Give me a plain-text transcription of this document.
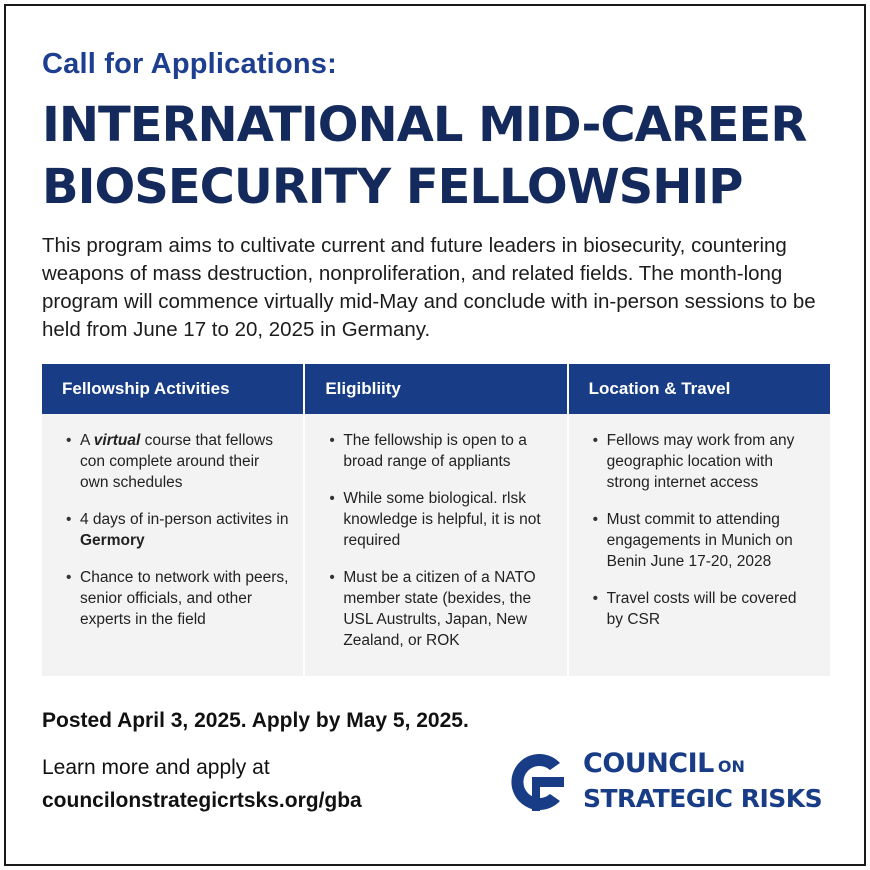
Call for Applications:
INTERNATIONAL MID-CAREER BIOSECURITY FELLOWSHIP
This program aims to cultivate current and future leaders in biosecurity, countering weapons of mass destruction, nonproliferation, and related fields. The month-long program will commence virtually mid-May and conclude with in-person sessions to be held from June 17 to 20, 2025 in Germany.
Fellowship Activities
• A virtual course that fellows con complete around their own schedules
• 4 days of in-person activites in Germory
• Chance to network with peers, senior officials, and other experts in the field
Eligibliity
• The fellowship is open to a broad range of appliants
• While some biological. rlsk knowledge is helpful, it is not required
• Must be a citizen of a NATO member state (bexides, the USL Austrults, Japan, New Zealand, or ROK
Location & Travel
• Fellows may work from any geographic location with strong internet access
• Must commit to attending engagements in Munich on Benin June 17-20, 2028
• Travel costs will be covered by CSR
Posted April 3, 2025. Apply by May 5, 2025.
Learn more and apply at
councilonstrategicrtsks.org/gba
COUNCIL ON
STRATEGIC RISKS
